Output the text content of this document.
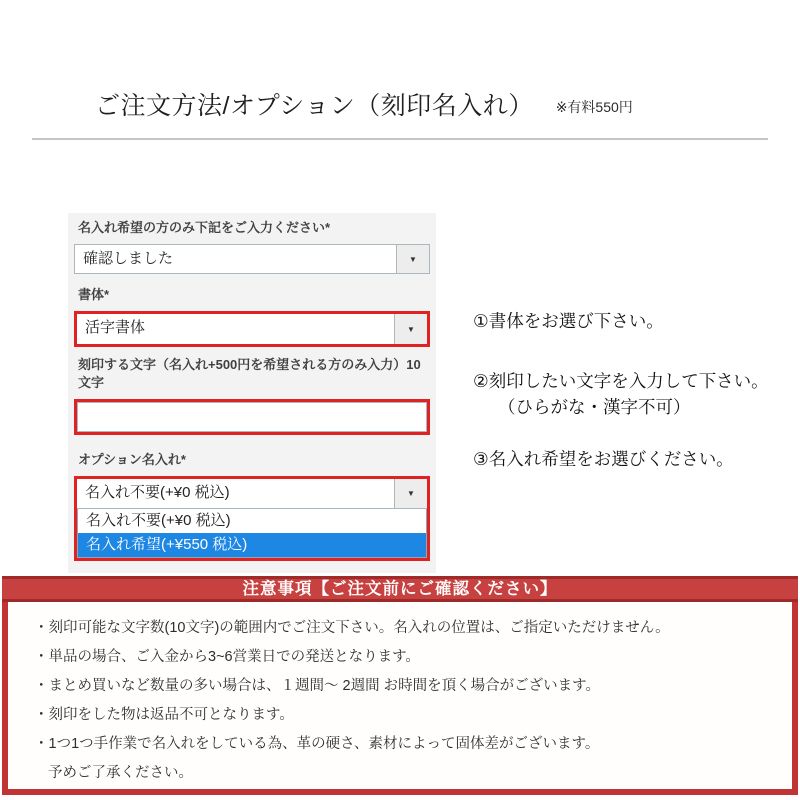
ご注文方法/オプション（刻印名入れ） ※有料550円
名入れ希望の方のみ下記をご入力ください*
確認しました	▼
書体*
活字書体	▼
刻印する文字（名入れ+500円を希望される方のみ入力）10文字
オプション名入れ*
名入れ不要(+¥0 税込)	▼
名入れ不要(+¥0 税込)
名入れ希望(+¥550 税込)
①書体をお選び下さい。
②刻印したい文字を入力して下さい。
（ひらがな・漢字不可）
③名入れ希望をお選びください。
注意事項【ご注文前にご確認ください】
・刻印可能な文字数(10文字)の範囲内でご注文下さい。名入れの位置は、ご指定いただけません。
・単品の場合、ご入金から3~6営業日での発送となります。
・まとめ買いなど数量の多い場合は、１週間〜 2週間 お時間を頂く場合がございます。
・刻印をした物は返品不可となります。
・1つ1つ手作業で名入れをしている為、革の硬さ、素材によって固体差がございます。
予めご了承ください。
